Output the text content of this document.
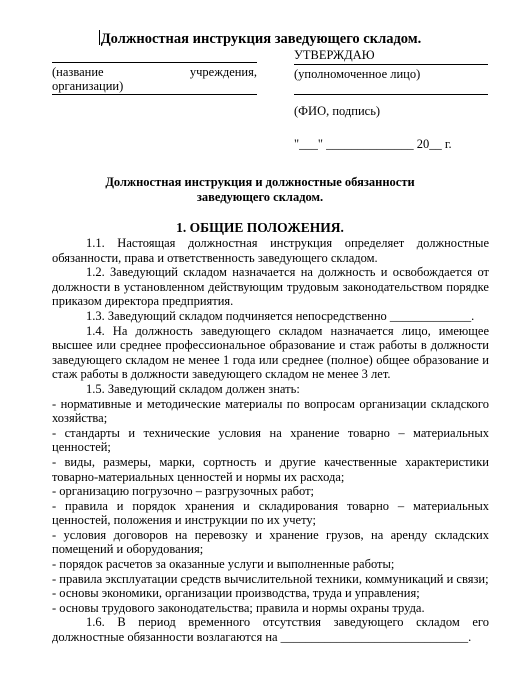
Должностная инструкция заведующего складом.
(название	учреждения,
организации)
УТВЕРЖДАЮ
(уполномоченное лицо)
(ФИО, подпись)
"___" ______________ 20__ г.
Должностная инструкция и должностные обязанности
заведующего складом.
1. ОБЩИЕ ПОЛОЖЕНИЯ.

1.1. Настоящая должностная инструкция определяет должностные обязанности, права и ответственность заведующего складом.

1.2. Заведующий складом назначается на должность и освобождается от должности в установленном действующим трудовым законодательством порядке приказом директора предприятия.

1.3. Заведующий складом подчиняется непосредственно _____________.

1.4. На должность заведующего складом назначается лицо, имеющее высшее или среднее профессиональное образование и стаж работы в должности заведующего складом не менее 1 года или среднее (полное) общее образование и стаж работы в должности заведующего складом не менее 3 лет.

1.5. Заведующий складом должен знать:

- нормативные и методические материалы по вопросам организации складского хозяйства;

- стандарты и технические условия на хранение товарно – материальных ценностей;

- виды, размеры, марки, сортность и другие качественные характеристики товарно-материальных ценностей и нормы их расхода;

- организацию погрузочно – разгрузочных работ;

- правила и порядок хранения и складирования товарно – материальных ценностей, положения и инструкции по их учету;

- условия договоров на перевозку и хранение грузов, на аренду складских помещений и оборудования;

- порядок расчетов за оказанные услуги и выполненные работы;

- правила эксплуатации средств вычислительной техники, коммуникаций и связи;

- основы экономики, организации производства, труда и управления;

- основы трудового законодательства; правила и нормы охраны труда.

1.6. В период временного отсутствия заведующего складом его должностные обязанности возлагаются на ______________________________.
